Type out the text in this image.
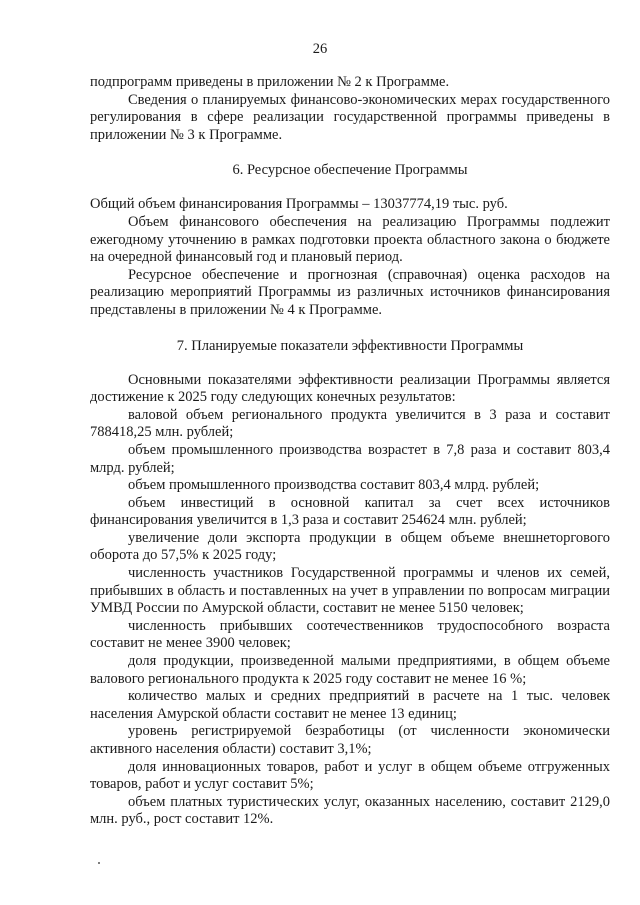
26

подпрограмм приведены в приложении № 2 к Программе.

Сведения о планируемых финансово-экономических мерах государственного регулирования в сфере реализации государственной программы приведены в приложении № 3 к Программе.

6. Ресурсное обеспечение Программы

Общий объем финансирования Программы – 13037774,19 тыс. руб.

Объем финансового обеспечения на реализацию Программы подлежит ежегодному уточнению в рамках подготовки проекта областного закона о бюджете на очередной финансовый год и плановый период.

Ресурсное обеспечение и прогнозная (справочная) оценка расходов на реализацию мероприятий Программы из различных источников финансирования представлены в приложении № 4 к Программе.

7. Планируемые показатели эффективности Программы

Основными показателями эффективности реализации Программы является достижение к 2025 году следующих конечных результатов:

валовой объем регионального продукта увеличится в 3 раза и составит 788418,25 млн. рублей;

объем промышленного производства возрастет в 7,8 раза и составит 803,4 млрд. рублей;

объем промышленного производства составит 803,4 млрд. рублей;

объем инвестиций в основной капитал за счет всех источников финансирования увеличится в 1,3 раза и составит 254624 млн. рублей;

увеличение доли экспорта продукции в общем объеме внешнеторгового оборота до 57,5% к 2025 году;

численность участников Государственной программы и членов их семей, прибывших в область и поставленных на учет в управлении по вопросам миграции УМВД России по Амурской области, составит не менее 5150 человек;

численность прибывших соотечественников трудоспособного возраста составит не менее 3900 человек;

доля продукции, произведенной малыми предприятиями, в общем объеме валового регионального продукта к 2025 году составит не менее 16 %;

количество малых и средних предприятий в расчете на 1 тыс. человек населения Амурской области составит не менее 13 единиц;

уровень регистрируемой безработицы (от численности экономически активного населения области) составит 3,1%;

доля инновационных товаров, работ и услуг в общем объеме отгруженных товаров, работ и услуг составит 5%;

объем платных туристических услуг, оказанных населению, составит 2129,0 млн. руб., рост составит 12%.
